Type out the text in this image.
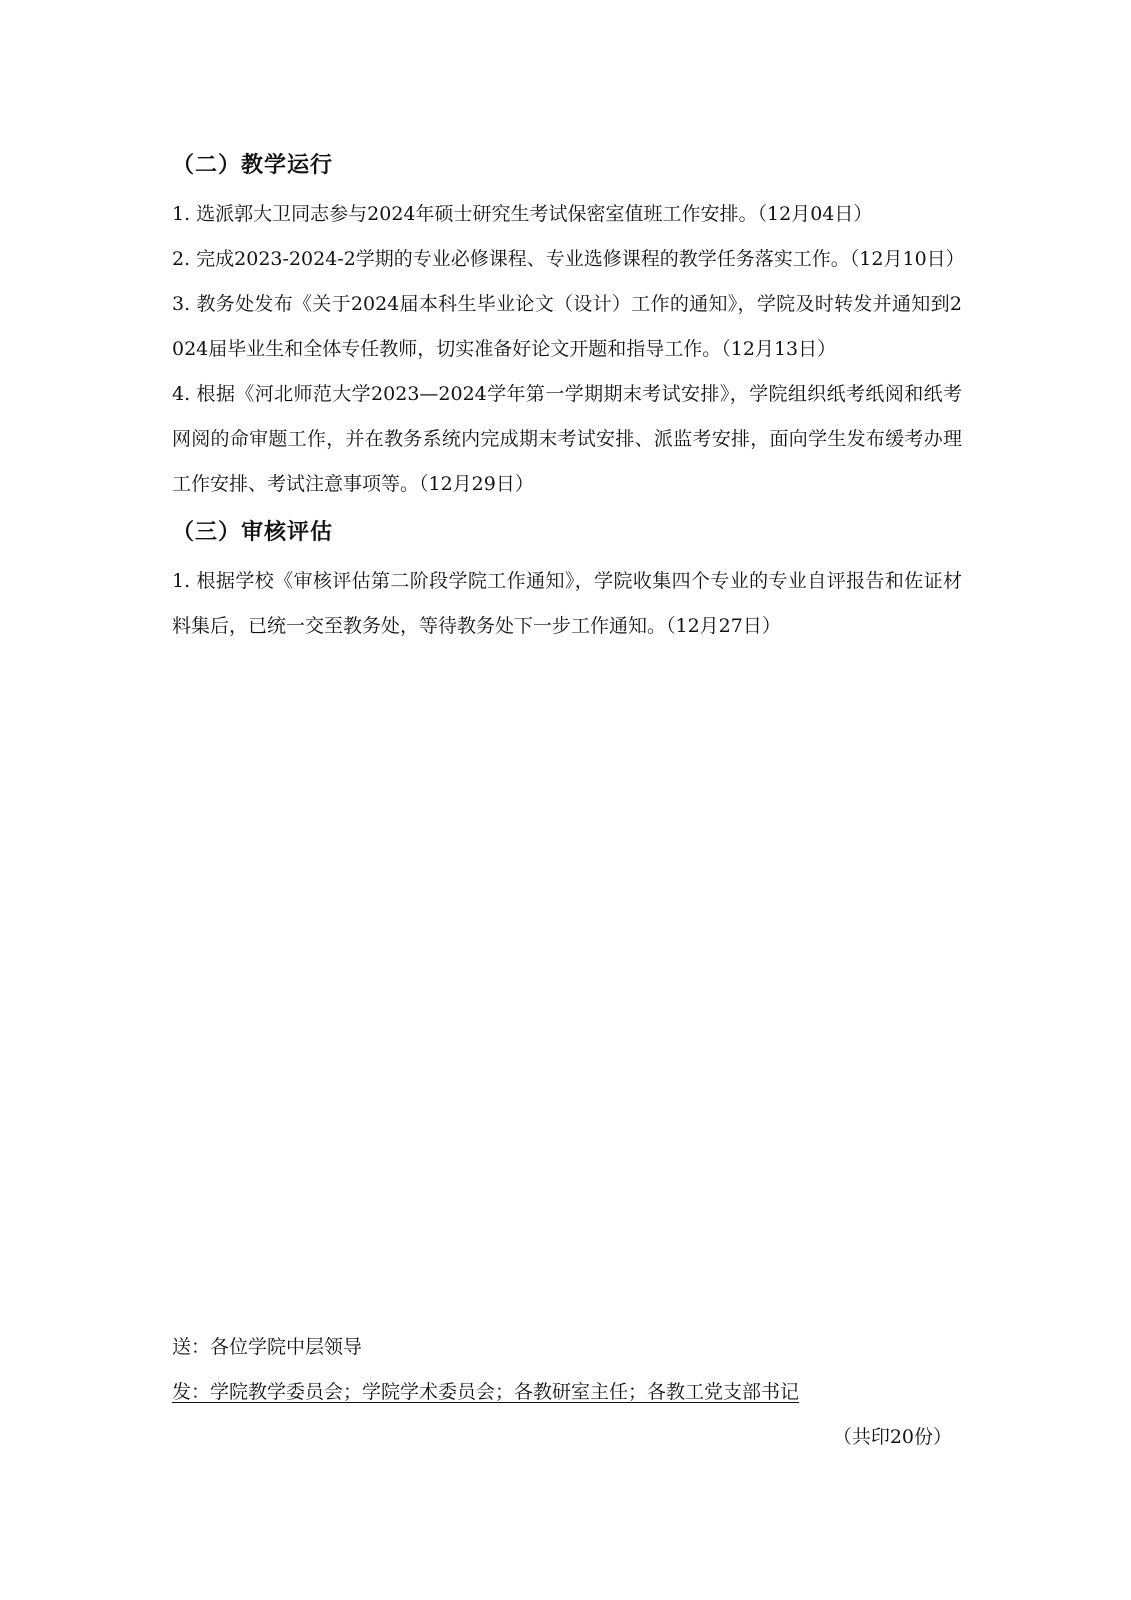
（二）教学运行

1. 选派郭大卫同志参与2024年硕士研究生考试保密室值班工作安排。（12月04日）

2. 完成2023-2024-2学期的专业必修课程、专业选修课程的教学任务落实工作。（12月10日）

3. 教务处发布《关于2024届本科生毕业论文（设计）工作的通知》，学院及时转发并通知到2024届毕业生和全体专任教师，切实准备好论文开题和指导工作。（12月13日）

4. 根据《河北师范大学2023—2024学年第一学期期末考试安排》，学院组织纸考纸阅和纸考网阅的命审题工作，并在教务系统内完成期末考试安排、派监考安排，面向学生发布缓考办理工作安排、考试注意事项等。（12月29日）

（三）审核评估

1. 根据学校《审核评估第二阶段学院工作通知》，学院收集四个专业的专业自评报告和佐证材料集后，已统一交至教务处，等待教务处下一步工作通知。（12月27日）

送：各位学院中层领导

发：学院教学委员会；学院学术委员会；各教研室主任；各教工党支部书记

（共印20份）
